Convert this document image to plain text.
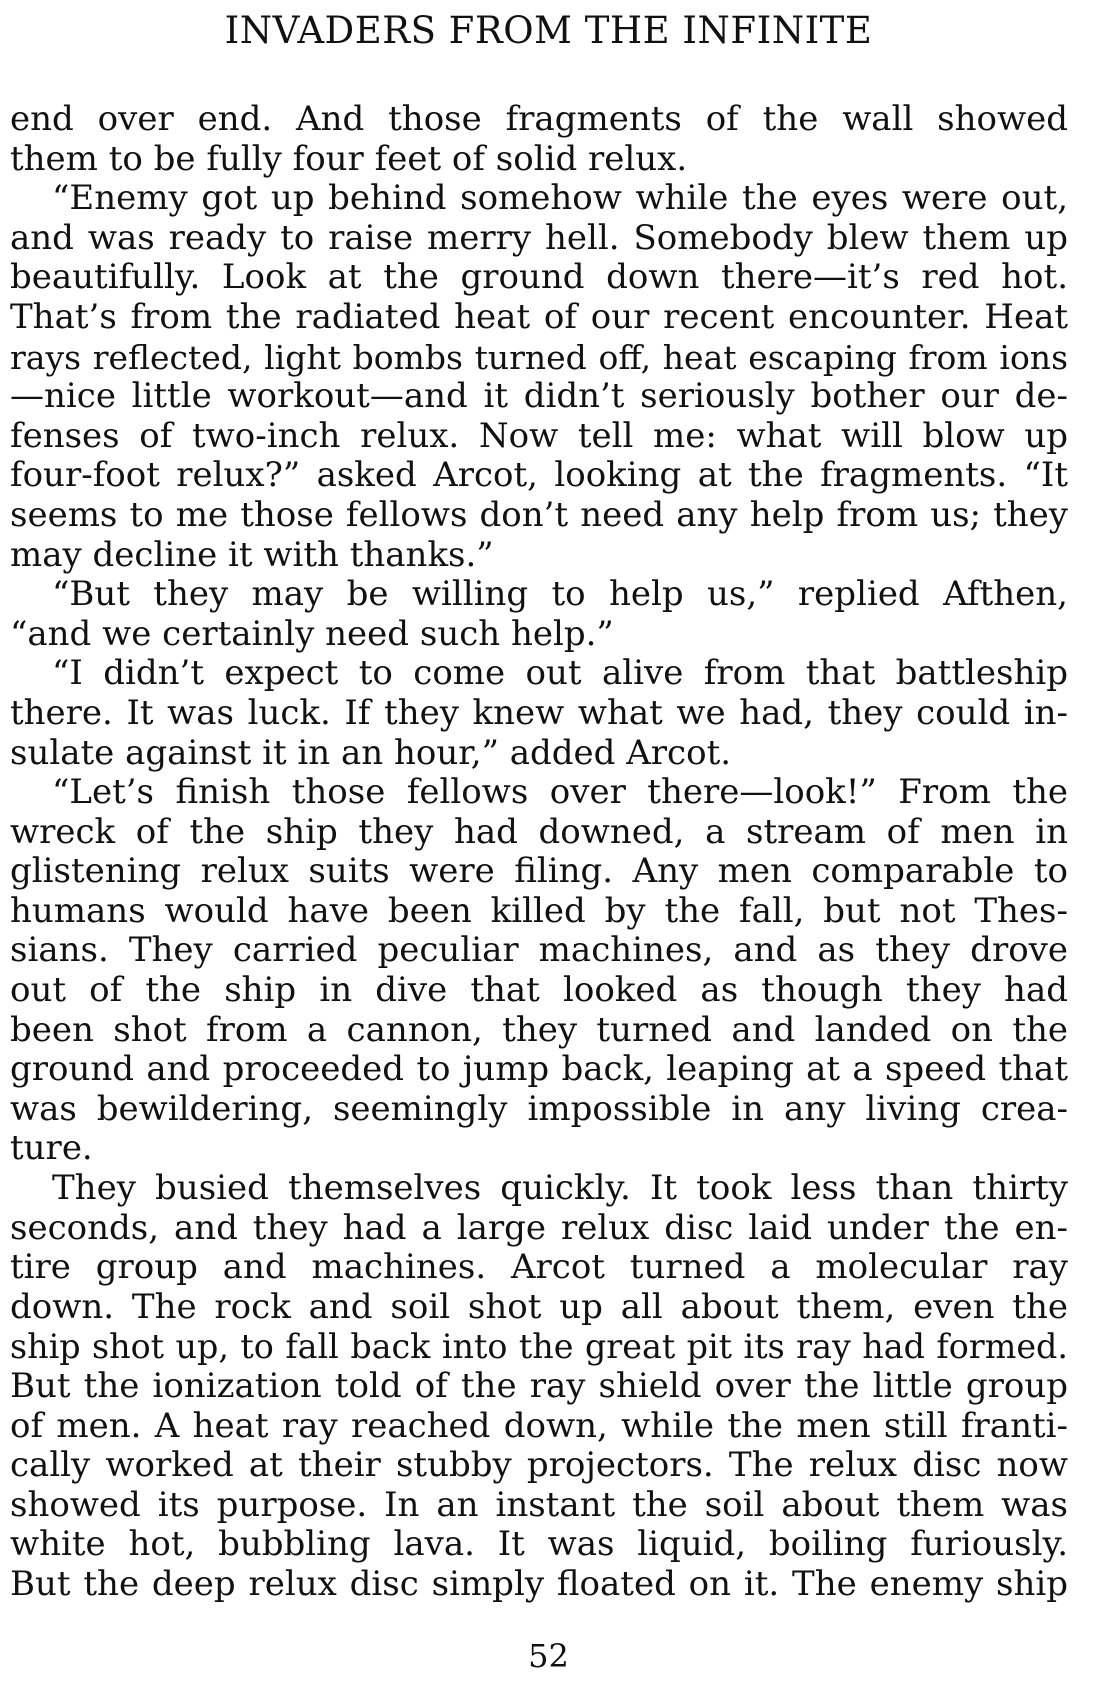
INVADERS FROM THE INFINITE
end over end. And those fragments of the wall showed
them to be fully four feet of solid relux.
“Enemy got up behind somehow while the eyes were out,
and was ready to raise merry hell. Somebody blew them up
beautifully. Look at the ground down there—it’s red hot.
That’s from the radiated heat of our recent encounter. Heat
rays reflected, light bombs turned off, heat escaping from ions
—nice little workout—and it didn’t seriously bother our de-
fenses of two-inch relux. Now tell me: what will blow up
four-foot relux?” asked Arcot, looking at the fragments. “It
seems to me those fellows don’t need any help from us; they
may decline it with thanks.”
“But they may be willing to help us,” replied Afthen,
“and we certainly need such help.”
“I didn’t expect to come out alive from that battleship
there. It was luck. If they knew what we had, they could in-
sulate against it in an hour,” added Arcot.
“Let’s finish those fellows over there—look!” From the
wreck of the ship they had downed, a stream of men in
glistening relux suits were filing. Any men comparable to
humans would have been killed by the fall, but not Thes-
sians. They carried peculiar machines, and as they drove
out of the ship in dive that looked as though they had
been shot from a cannon, they turned and landed on the
ground and proceeded to jump back, leaping at a speed that
was bewildering, seemingly impossible in any living crea-
ture.
They busied themselves quickly. It took less than thirty
seconds, and they had a large relux disc laid under the en-
tire group and machines. Arcot turned a molecular ray
down. The rock and soil shot up all about them, even the
ship shot up, to fall back into the great pit its ray had formed.
But the ionization told of the ray shield over the little group
of men. A heat ray reached down, while the men still franti-
cally worked at their stubby projectors. The relux disc now
showed its purpose. In an instant the soil about them was
white hot, bubbling lava. It was liquid, boiling furiously.
But the deep relux disc simply floated on it. The enemy ship
52
